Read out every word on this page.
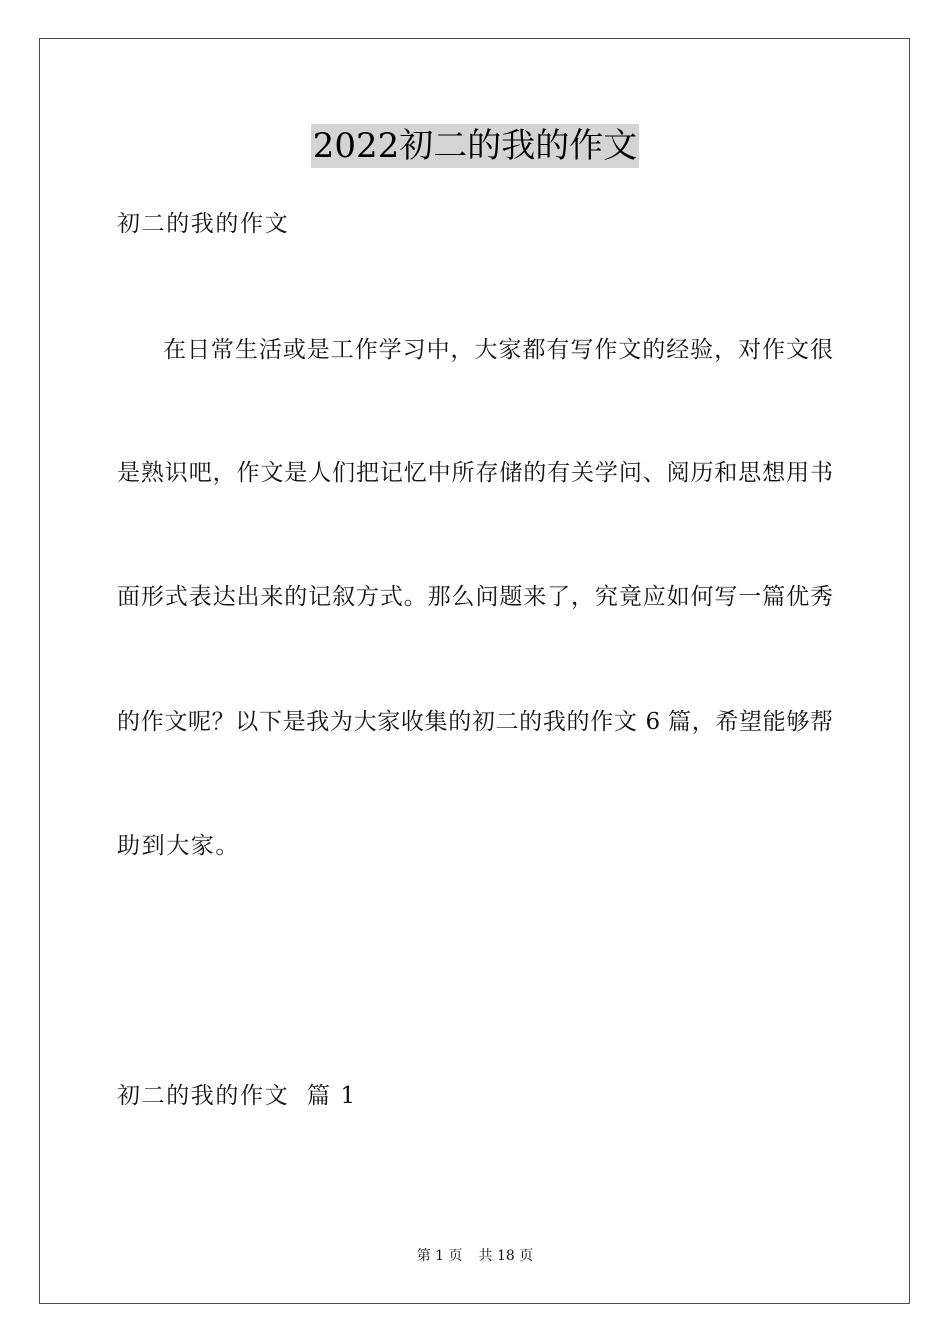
2022初二的我的作文
初二的我的作文
在日常生活或是工作学习中，大家都有写作文的经验，对作文很
是熟识吧，作文是人们把记忆中所存储的有关学问、阅历和思想用书
面形式表达出来的记叙方式。那么问题来了，究竟应如何写一篇优秀
的作文呢？以下是我为大家收集的初二的我的作文 6 篇，希望能够帮
助到大家。
初二的我的作文  篇 1
第 1 页 共 18 页
